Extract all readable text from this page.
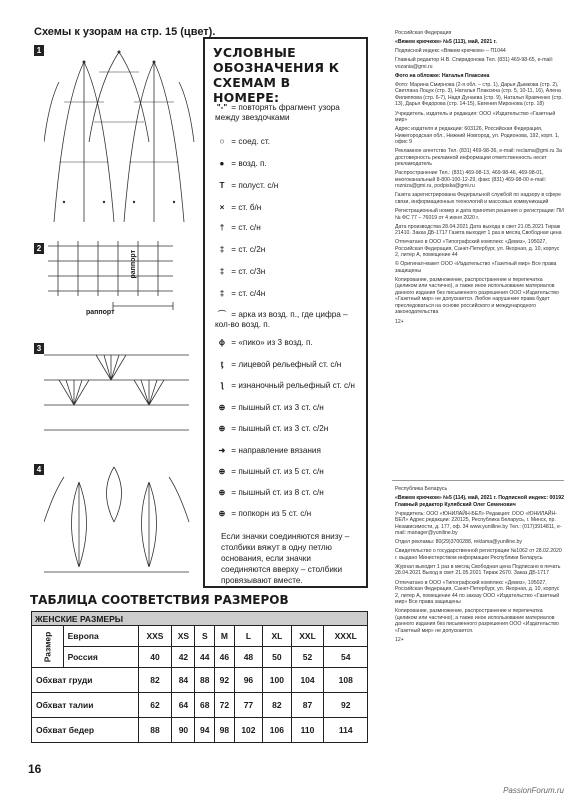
Схемы к узорам на стр. 15 (цвет).
1
2
раппорт
раппорт
3
4
УСЛОВНЫЕ ОБОЗНАЧЕНИЯ К СХЕМАМ В НОМЕРЕ:
"-" = повторять фрагмент узора между звездочками
○ = соед. ст.
● = возд. п.
T = полуст. с/н
× = ст. б/н
† = ст. с/н
‡ = ст. с/2н
‡ = ст. с/3н
‡ = ст. с/4н
⌒ = арка из возд. п., где цифра – кол-во возд. п.
ϕ = «пико» из 3 возд. п.
ƫ = лицевой рельефный ст. с/н
ƪ = изнаночный рельефный ст. с/н
⊕ = пышный ст. из 3 ст. с/н
⊕ = пышный ст. из 3 ст. с/2н
➜ = направление вязания
⊕ = пышный ст. из 5 ст. с/н
⊕ = пышный ст. из 8 ст. с/н
⊕ = попкорн из 5 ст. с/н
Если значки соединяются внизу – столбики вяжут в одну петлю основания, если значки соединяются вверху – столбики провязывают вместе.
ТАБЛИЦА СООТВЕТСТВИЯ РАЗМЕРОВ
ЖЕНСКИЕ РАЗМЕРЫ									
Размер	Европа	XXS	XS	S	M	L	XL	XXL	XXXL
	Россия	40	42	44	46	48	50	52	54
Обхват груди		82	84	88	92	96	100	104	108
Обхват талии		62	64	68	72	77	82	87	92
Обхват бедер		88	90	94	98	102	106	110	114
16

Российская Федерация

«Вяжем крючком» №5 (113), май, 2021 г.

Подписной индекс «Вяжем крючком» – П1044

Главный редактор Н.В. Спиридонова Тел. (831) 469-98-65, e-mail: vozania@gmi.ru

Фото на обложке: Наталья Плаксина

Фото: Марина Смирнова (2-я обл. – стр. 1), Дарья Дымкова (стр. 2), Светлана Лоцук (стр. 3), Наталья Плаксина (стр. 5, 10-11, 16), Алена Филиппова (стр. 6-7), Надя Дунаева (стр. 9), Наталья Кравченко (стр. 13), Дарья Федорова (стр. 14-15), Евгения Миронова (стр. 18)

Учредитель, издатель и редакция: ООО «Издательство «Газетный мир»

Адрес издателя и редакции: 603126, Российская Федерация, Нижегородская обл., Нижний Новгород, ул. Родионова, 192, корп. 1, офис 9

Рекламное агентство Тел. (831) 469-98-36, e-mail: reclama@gmi.ru За достоверность рекламной информации ответственность несет рекламодатель

Распространение Тел.: (831) 469-98-13, 469-98-46, 469-98-01, многоканальный 8-800-100-12-29, факс (831) 469-98-00 e-mail: rozniza@gmi.ru, podpiska@gmi.ru

Газета зарегистрирована Федеральной службой по надзору в сфере связи, информационных технологий и массовых коммуникаций

Регистрационный номер и дата принятия решения о регистрации: ПИ № ФС 77 – 76019 от 4 июня 2020 г.

Дата производства 28.04.2021 Дата выхода в свет 21.05.2021 Тираж 21410. Заказ ДБ-1717 Газета выходит 1 раз в месяц Свободная цена

Отпечатано в ООО «Типографский комплекс «Девиз», 195027, Российская Федерация, Санкт-Петербург, ул. Якорная, д. 10, корпус 2, литер А, помещение 44

© Оригинал-макет ООО «Издательство «Газетный мир» Все права защищены

Копирование, размножение, распространение и перепечатка (целиком или частично), а также иное использование материалов данного издания без письменного разрешения ООО «Издательство «Газетный мир» не допускается. Любое нарушение права будет преследоваться на основе российского и международного законодательства

12+

Республика Беларусь

«Вяжем крючком» №5 (114), май, 2021 г. Подписной индекс: 00192 Главный редактор Кулябский Олег Семенович

Учредитель: ООО «ЮНИЛАЙН-БЕЛ» Редакция: ООО «ЮНИЛАЙН-БЕЛ» Адрес редакции: 220125, Республика Беларусь, г. Минск, пр. Независимости, д. 177, оф. 34 www.yunilline.by Тел.: (017)3914811, e-mail: manager@yuniline.by

Отдел рекламы: 80(29)3700288, reklama@yuniline.by

Свидетельство о государственной регистрации №1062 от 28.02.2020 г. выдано Министерством информации Республики Беларусь

Журнал выходит 1 раз в месяц Свободная цена Подписано в печать 28.04.2021 Выход в свет 21.05.2021 Тираж 2670. Заказ ДБ-1717

Отпечатано в ООО «Типографский комплекс «Девиз», 195027, Российская Федерация, Санкт-Петербург, ул. Якорная, д. 10, корпус 2, литер А, помещение 44 по заказу ООО «Издательство «Газетный мир» Все права защищены

Копирование, размножение, распространение и перепечатка (целиком или частично), а также иное использование материалов данного издания без письменного разрешения ООО «Издательство «Газетный мир» не допускается.

12+

PassionForum.ru
